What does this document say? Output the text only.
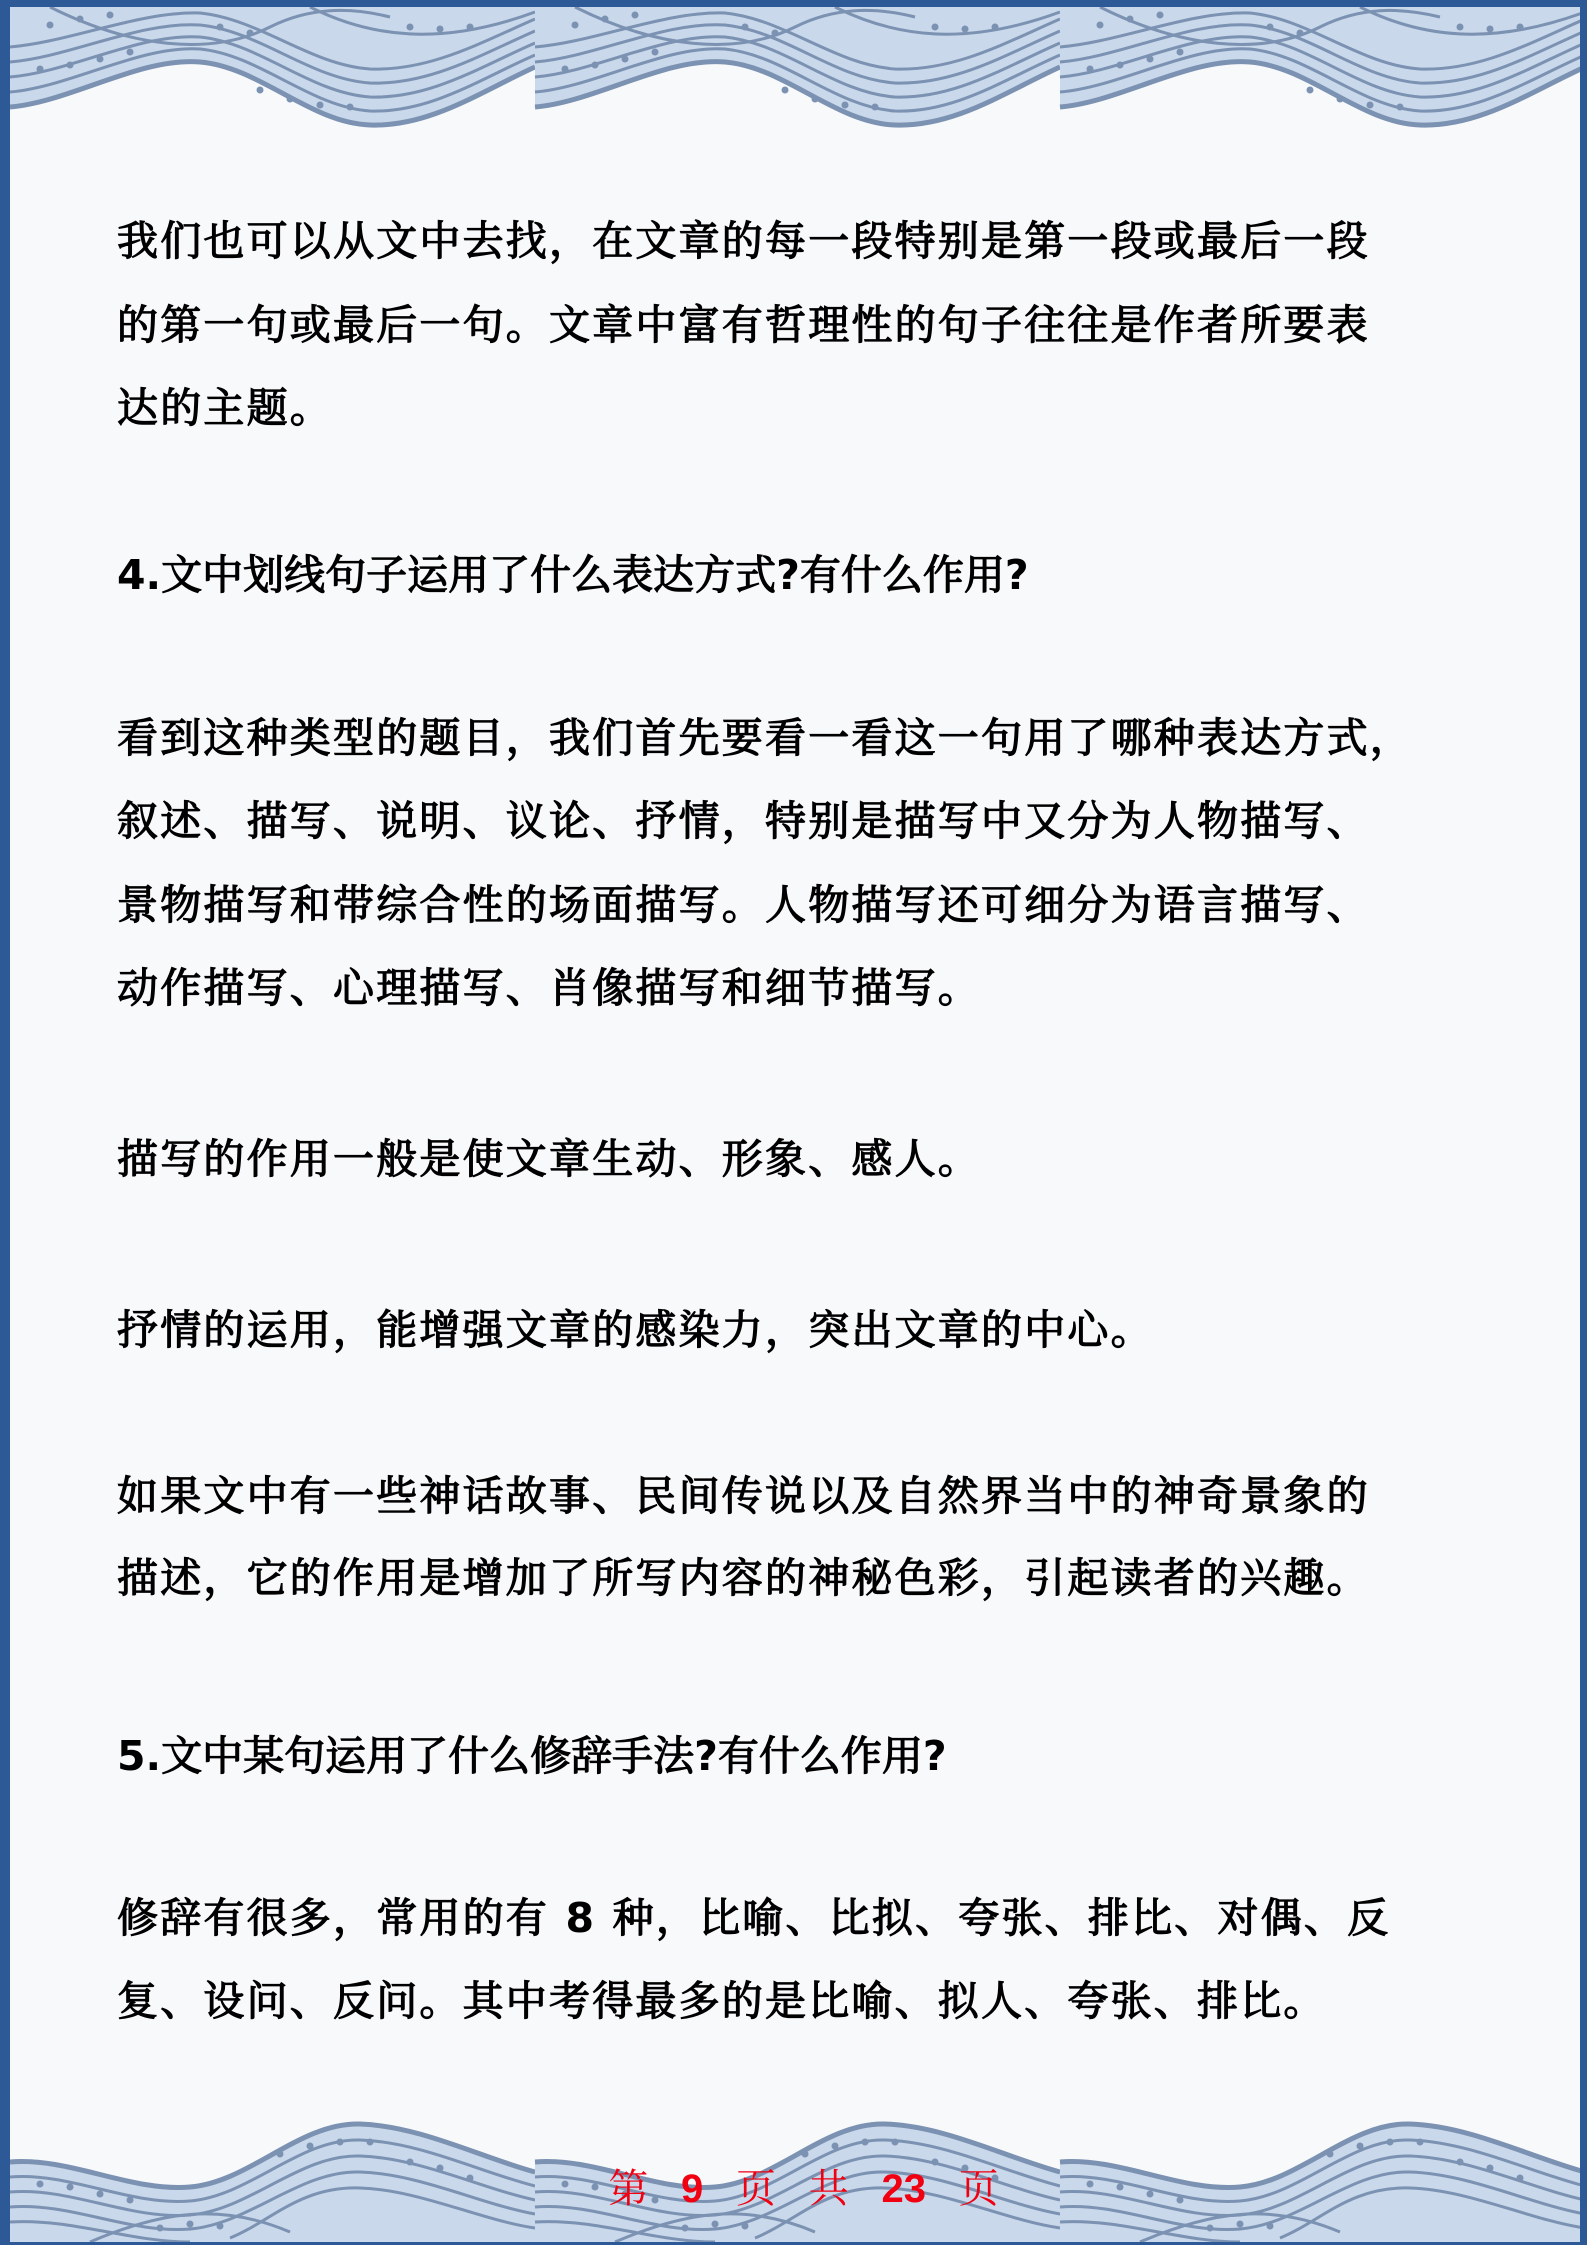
我们也可以从文中去找，在文章的每一段特别是第一段或最后一段
的第一句或最后一句。文章中富有哲理性的句子往往是作者所要表
达的主题。
4.文中划线句子运用了什么表达方式?有什么作用?
看到这种类型的题目，我们首先要看一看这一句用了哪种表达方式，
叙述、描写、说明、议论、抒情，特别是描写中又分为人物描写、
景物描写和带综合性的场面描写。人物描写还可细分为语言描写、
动作描写、心理描写、肖像描写和细节描写。
描写的作用一般是使文章生动、形象、感人。
抒情的运用，能增强文章的感染力，突出文章的中心。
如果文中有一些神话故事、民间传说以及自然界当中的神奇景象的
描述，它的作用是增加了所写内容的神秘色彩，引起读者的兴趣。
5.文中某句运用了什么修辞手法?有什么作用?
修辞有很多，常用的有 8 种，比喻、比拟、夸张、排比、对偶、反
复、设问、反问。其中考得最多的是比喻、拟人、夸张、排比。
第 9 页 共 23 页
